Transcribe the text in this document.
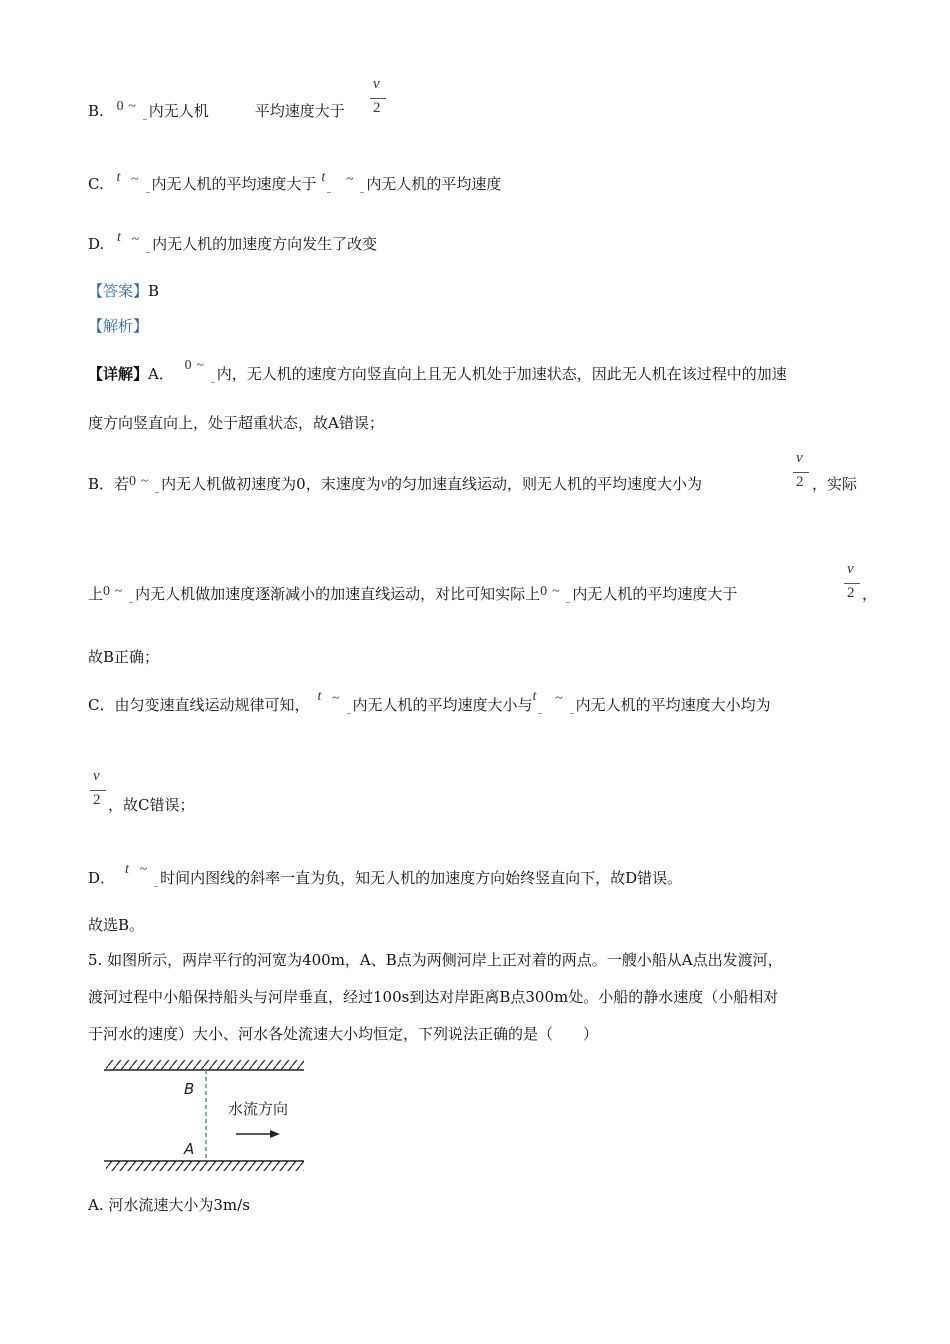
B. 0 ~ 内无人机	平均速度大于
v
2
C. t ~ 内无人机的平均速度大于 t ~ 内无人机的平均速度
D. t ~ 内无人机的加速度方向发生了改变
【答案】B
【解析】
【详解】A． 0 ~ 内，无人机的速度方向竖直向上且无人机处于加速状态，因此无人机在该过程中的加速
度方向竖直向上，处于超重状态，故A错误；
B．若0 ~ 内无人机做初速度为0，末速度为v的匀加速直线运动，则无人机的平均速度大小为
v
2 ，实际
上0 ~ 内无人机做加速度逐渐减小的加速直线运动，对比可知实际上0 ~ 内无人机的平均速度大于
v
2 ，
故B正确；
C．由匀变速直线运动规律可知， t ~ 内无人机的平均速度大小与t ~ 内无人机的平均速度大小均为
v
2 ，故C错误；
D． t ~ 时间内图线的斜率一直为负，知无人机的加速度方向始终竖直向下，故D错误。
故选B。
5. 如图所示，两岸平行的河宽为400m，A、B点为两侧河岸上正对着的两点。一艘小船从A点出发渡河，
渡河过程中小船保持船头与河岸垂直，经过100s到达对岸距离B点300m处。小船的静水速度（小船相对
于河水的速度）大小、河水各处流速大小均恒定，下列说法正确的是（　　）
B
A
水流方向
A. 河水流速大小为3m/s
